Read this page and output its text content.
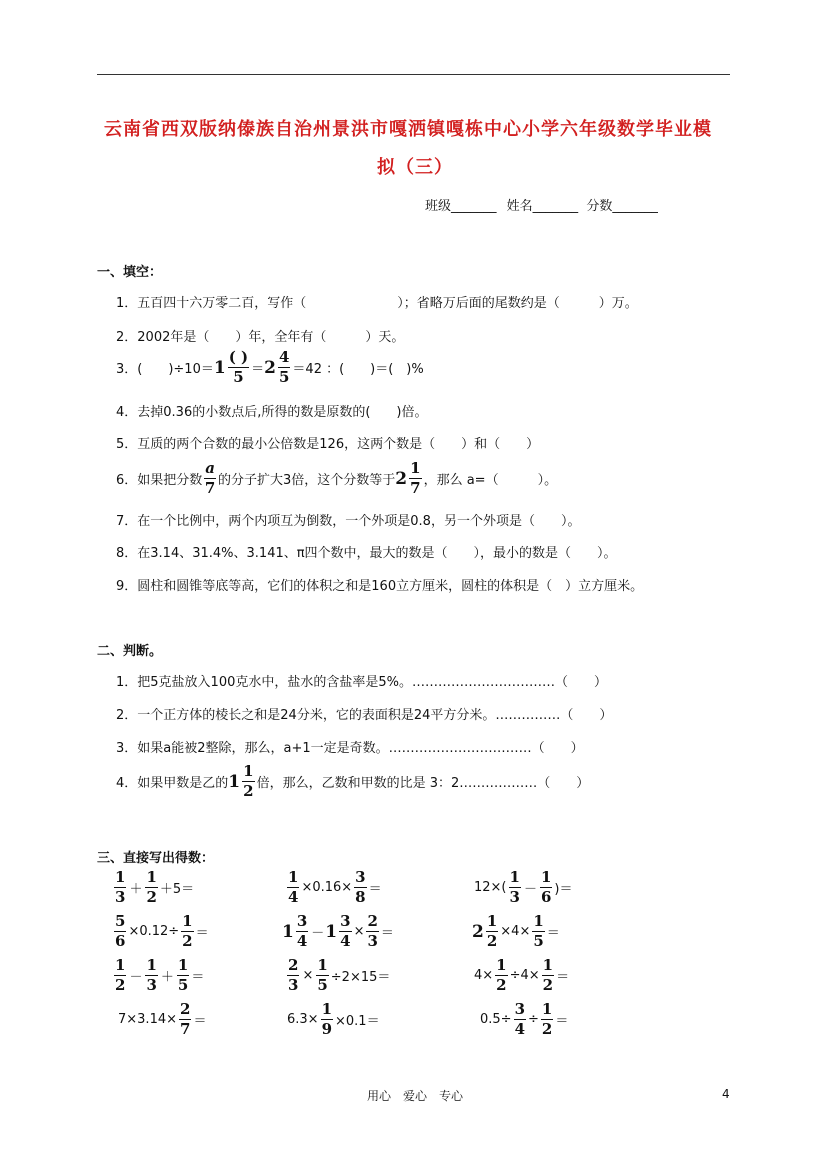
云南省西双版纳傣族自治州景洪市嘎洒镇嘎栋中心小学六年级数学毕业模
拟（三）
班级_______ 姓名_______ 分数_______
一、填空：
1．五百四十六万零二百，写作（　　　　　　　）；省略万后面的尾数约是（　　　）万。
2．2002年是（　　）年，全年有（　　　）天。
3．(　　)$\div 10= 1 \frac{( )}{5} = 2 \frac{4}{5} =42$ ：(　　)＝(　)%
4．去掉0.36的小数点后,所得的数是原数的(　　)倍。
5．互质的两个合数的最小公倍数是126，这两个数是（　　）和（　　）
6．如果把分数 $\frac{a}{7}$ 的分子扩大3倍，这个分数等于 $2 \frac{1}{7}$ ，那么 a=（　　　）。
7．在一个比例中，两个内项互为倒数，一个外项是0.8，另一个外项是（　　）。
8．在3.14、31.4%、3.141、π四个数中，最大的数是（　　），最小的数是（　　）。
9．圆柱和圆锥等底等高，它们的体积之和是160立方厘米，圆柱的体积是（　）立方厘米。
二、判断。
1．把5克盐放入100克水中，盐水的含盐率是5%。……………………………（　　）
2．一个正方体的棱长之和是24分米，它的表面积是24平方分米。……………（　　）
3．如果a能被2整除，那么，a+1一定是奇数。……………………………（　　）
4．如果甲数是乙的 $1 \frac{1}{2}$ 倍，那么，乙数和甲数的比是 3：2………………（　　）
三、直接写出得数：
$\frac{1}{3} + \frac{1}{2} +5=$	$\frac{1}{4} \times 0.16\times \frac{3}{8}$ ＝	$12\times( \frac{1}{3} - \frac{1}{6}$ )＝
$\frac{5}{6} \times 0.12\div \frac{1}{2}$ ＝	$1 \frac{3}{4} - 1 \frac{3}{4} \times \frac{2}{3}$ ＝	$2 \frac{1}{2} \times 4\times \frac{1}{5}$ ＝
$\frac{1}{2} - \frac{1}{3} + \frac{1}{5}$ ＝	$\frac{2}{3} \times \frac{1}{5} \div 2\times 15=$	$4\times \frac{1}{2} \div 4\times \frac{1}{2}$ ＝
$7\times 3.14\times \frac{2}{7}$ ＝	$6.3\times \frac{1}{9} \times 0.1=$	$0.5\div \frac{3}{4} \div \frac{1}{2}$ ＝
用心　爱心　专心	4
